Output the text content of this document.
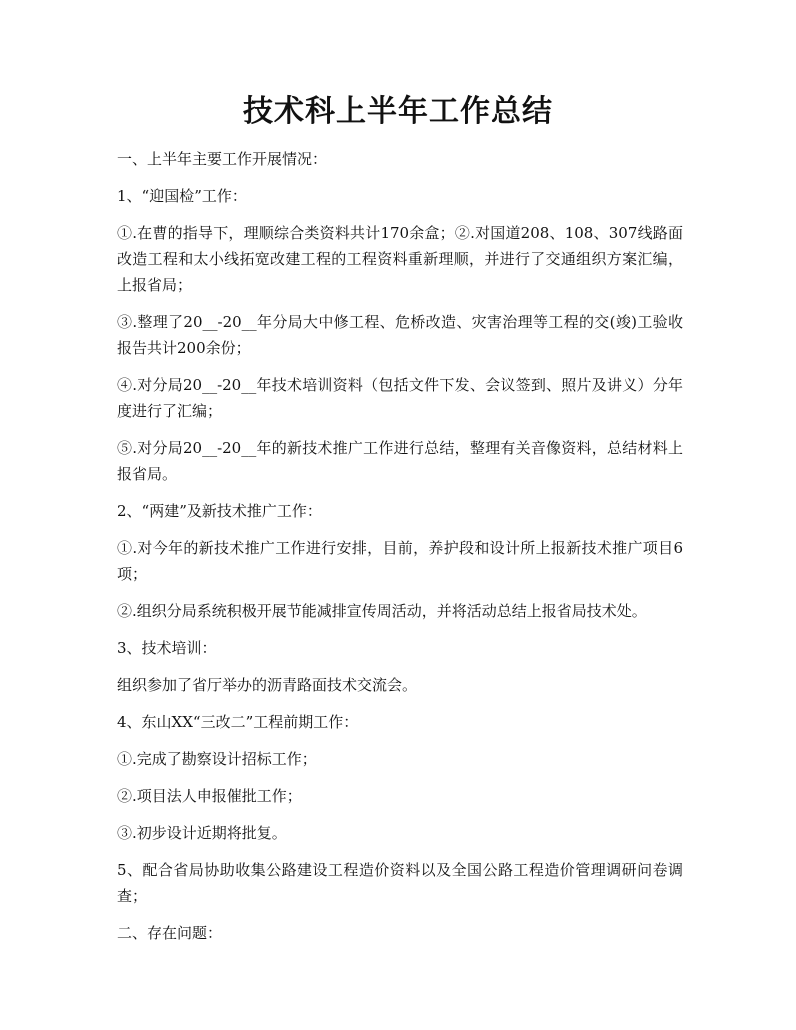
技术科上半年工作总结

一、上半年主要工作开展情况：

1、“迎国检”工作：

①.在曹的指导下，理顺综合类资料共计170余盒；②.对国道208、108、307线路面改造工程和太小线拓宽改建工程的工程资料重新理顺，并进行了交通组织方案汇编，上报省局；

③.整理了20__-20__年分局大中修工程、危桥改造、灾害治理等工程的交(竣)工验收报告共计200余份；

④.对分局20__-20__年技术培训资料（包括文件下发、会议签到、照片及讲义）分年度进行了汇编；

⑤.对分局20__-20__年的新技术推广工作进行总结，整理有关音像资料，总结材料上报省局。

2、“两建”及新技术推广工作：

①.对今年的新技术推广工作进行安排，目前，养护段和设计所上报新技术推广项目6项；

②.组织分局系统积极开展节能减排宣传周活动，并将活动总结上报省局技术处。

3、技术培训：

组织参加了省厅举办的沥青路面技术交流会。

4、东山XX“三改二”工程前期工作：

①.完成了勘察设计招标工作；

②.项目法人申报催批工作；

③.初步设计近期将批复。

5、配合省局协助收集公路建设工程造价资料以及全国公路工程造价管理调研问卷调查；

二、存在问题：
